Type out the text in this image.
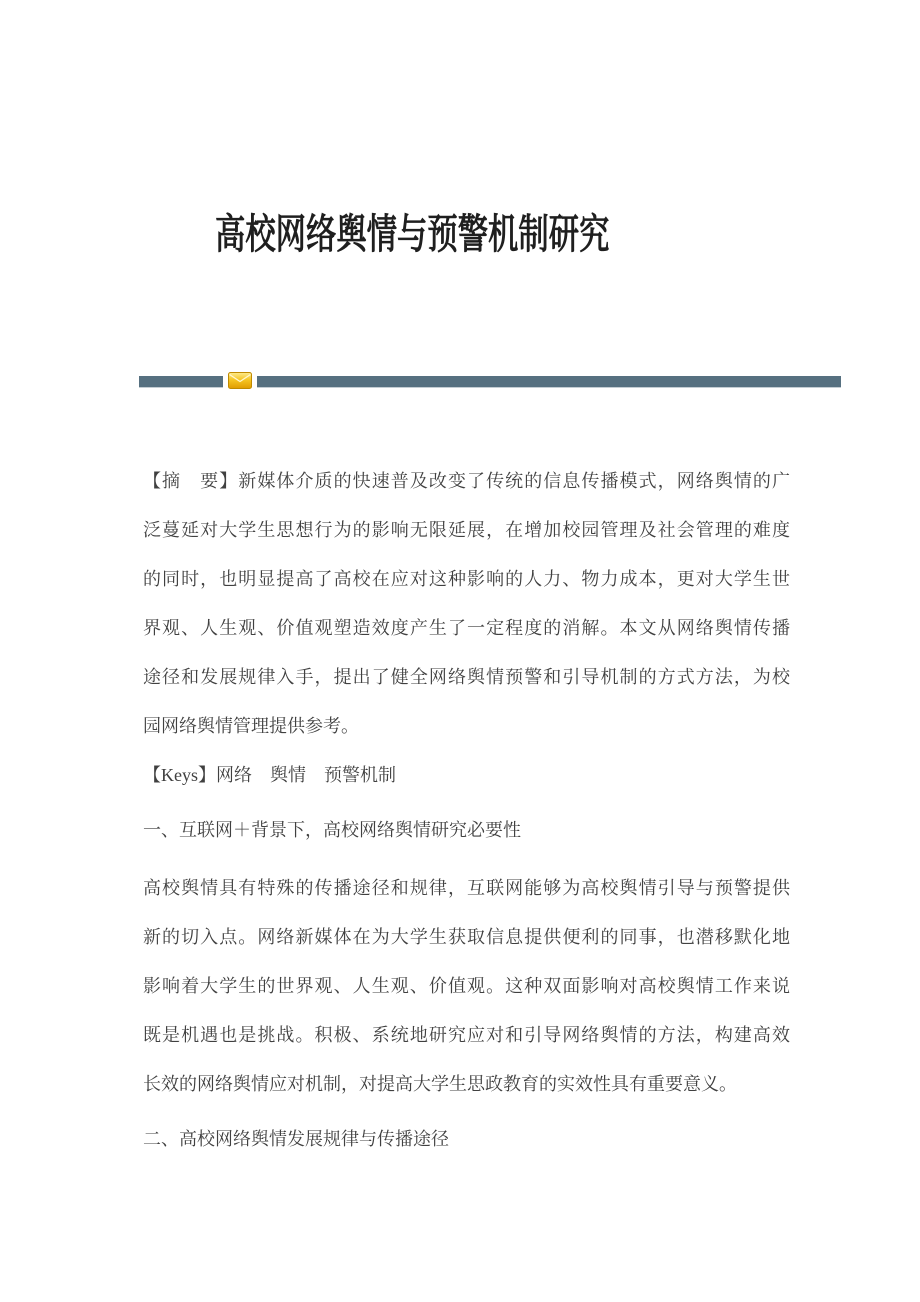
高校网络舆情与预警机制研究
【摘　要】新媒体介质的快速普及改变了传统的信息传播模式，网络舆情的广
泛蔓延对大学生思想行为的影响无限延展，在增加校园管理及社会管理的难度
的同时，也明显提高了高校在应对这种影响的人力、物力成本，更对大学生世
界观、人生观、价值观塑造效度产生了一定程度的消解。本文从网络舆情传播
途径和发展规律入手，提出了健全网络舆情预警和引导机制的方式方法，为校
园网络舆情管理提供参考。
【Keys】网络　舆情　预警机制
一、互联网＋背景下，高校网络舆情研究必要性
高校舆情具有特殊的传播途径和规律，互联网能够为高校舆情引导与预警提供
新的切入点。网络新媒体在为大学生获取信息提供便利的同事，也潜移默化地
影响着大学生的世界观、人生观、价值观。这种双面影响对高校舆情工作来说
既是机遇也是挑战。积极、系统地研究应对和引导网络舆情的方法，构建高效
长效的网络舆情应对机制，对提高大学生思政教育的实效性具有重要意义。
二、高校网络舆情发展规律与传播途径
